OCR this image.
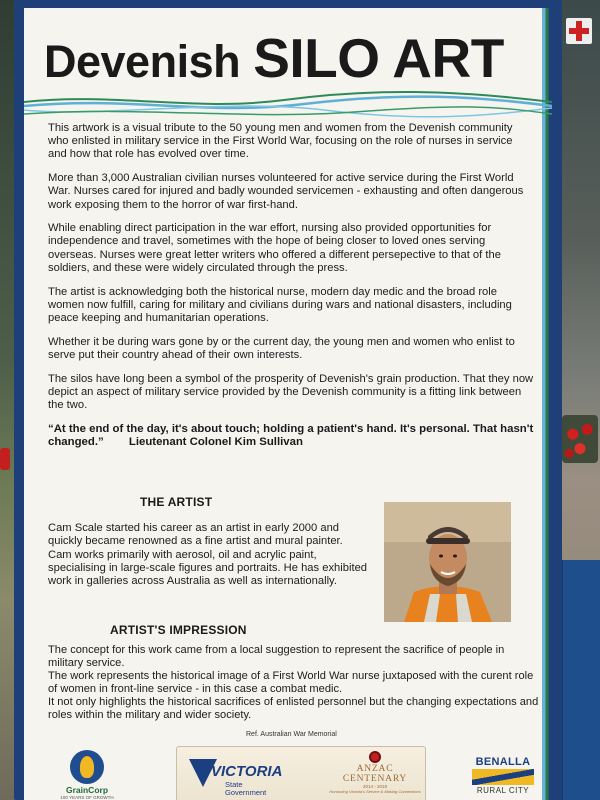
Devenish SILO ART

This artwork is a visual tribute to the 50 young men and women from the Devenish community who enlisted in military service in the First World War, focusing on the role of nurses in service and how that role has evolved over time.

More than 3,000 Australian civilian nurses volunteered for active service during the First World War. Nurses cared for injured and badly wounded servicemen - exhausting and often dangerous work exposing them to the horror of war first-hand.

While enabling direct participation in the war effort, nursing also provided opportunities for independence and travel, sometimes with the hope of being closer to loved ones serving overseas. Nurses were great letter writers who offered a different persepective to that of the soldiers, and these were widely circulated through the press.

The artist is acknowledging both the historical nurse, modern day medic and the broad role women now fulfill, caring for military and civilians during wars and national disasters, including peace keeping and humanitarian operations.

Whether it be during wars gone by or the current day, the young men and women who enlist to serve put their country ahead of their own interests.

The silos have long been a symbol of the prosperity of Devenish's grain production. That they now depict an aspect of military service provided by the Devenish community is a fitting link between the two.

“At the end of the day, it's about touch; holding a patient's hand. It's personal. That hasn't changed.” Lieutenant Colonel Kim Sullivan
THE ARTIST
Cam Scale started his career as an artist in early 2000 and quickly became renowned as a fine artist and mural painter.
Cam works primarily with aerosol, oil and acrylic paint, specialising in large-scale figures and portraits. He has exhibited work in galleries across Australia as well as internationally.
ARTIST'S IMPRESSION
The concept for this work came from a local suggestion to represent the sacrifice of people in military service.
The work represents the historical image of a First World War nurse juxtaposed with the curent role of women in front-line service - in this case a combat medic.
It not only highlights the historical sacrifices of enlisted personnel but the changing expectations and roles within the military and wider society.
Ref. Australian War Memorial
GrainCorp
100 YEARS OF GROWTH
VICTORIA
State
Government
ANZAC
CENTENARY
2014 - 2018
Honouring Victoria's Service & Making Connections
BENALLA
RURAL CITY
